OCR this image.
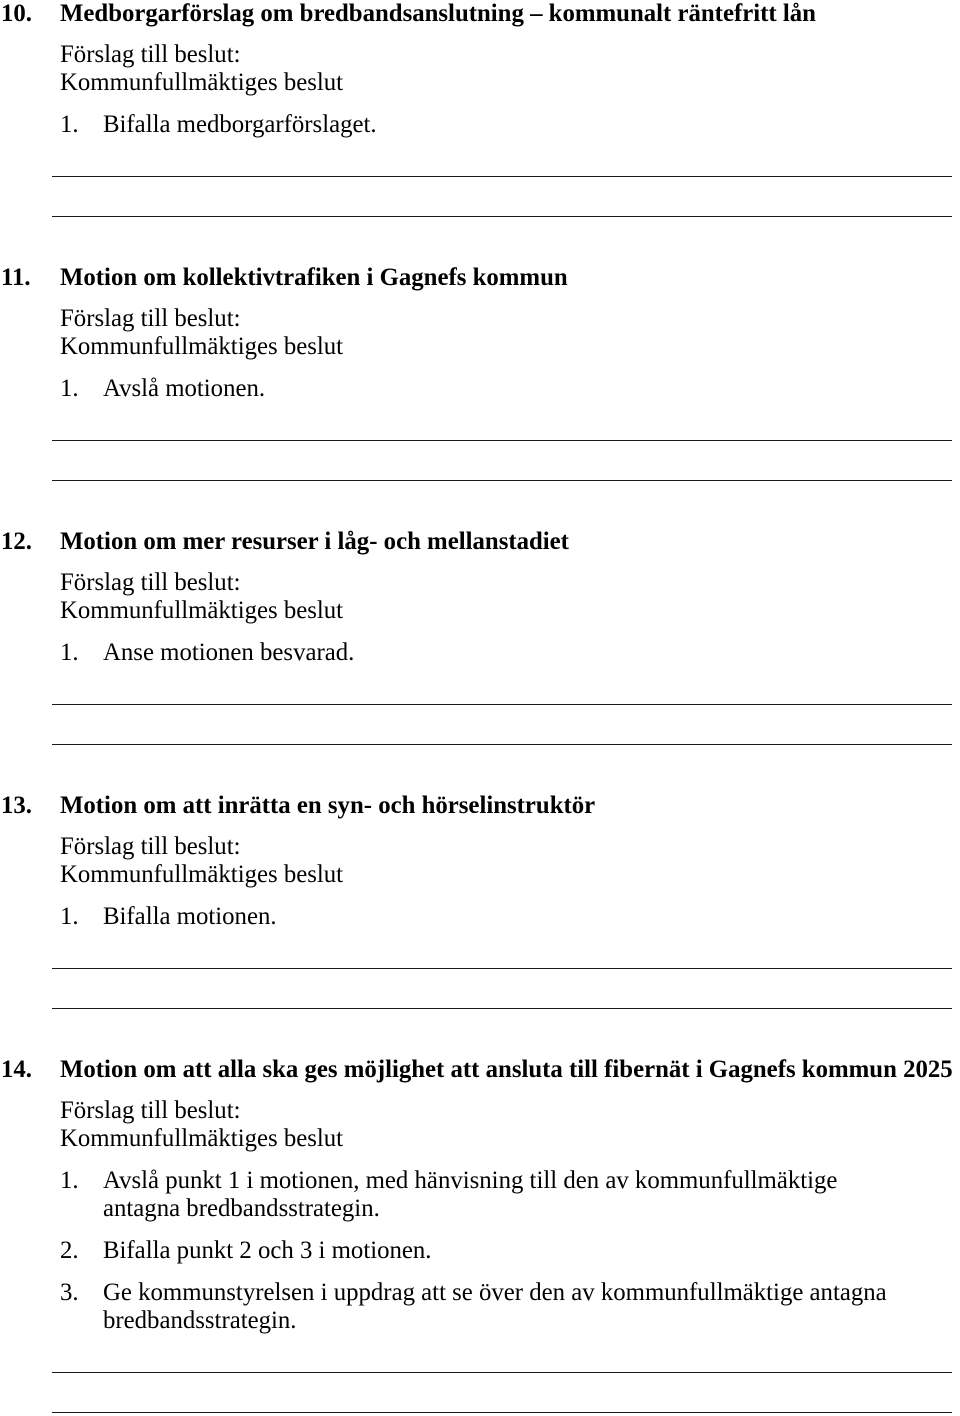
10.	Medborgarförslag om bredbandsanslutning – kommunalt räntefritt lån
Förslag till beslut:
Kommunfullmäktiges beslut
1. Bifalla medborgarförslaget.
11.	Motion om kollektivtrafiken i Gagnefs kommun
Förslag till beslut:
Kommunfullmäktiges beslut
1. Avslå motionen.
12.	Motion om mer resurser i låg- och mellanstadiet
Förslag till beslut:
Kommunfullmäktiges beslut
1. Anse motionen besvarad.
13.	Motion om att inrätta en syn- och hörselinstruktör
Förslag till beslut:
Kommunfullmäktiges beslut
1. Bifalla motionen.
14.	Motion om att alla ska ges möjlighet att ansluta till fibernät i Gagnefs kommun 2025
Förslag till beslut:
Kommunfullmäktiges beslut
1. Avslå punkt 1 i motionen, med hänvisning till den av kommunfullmäktige antagna bredbandsstrategin.
2. Bifalla punkt 2 och 3 i motionen.
3. Ge kommunstyrelsen i uppdrag att se över den av kommunfullmäktige antagna bredbandsstrategin.
